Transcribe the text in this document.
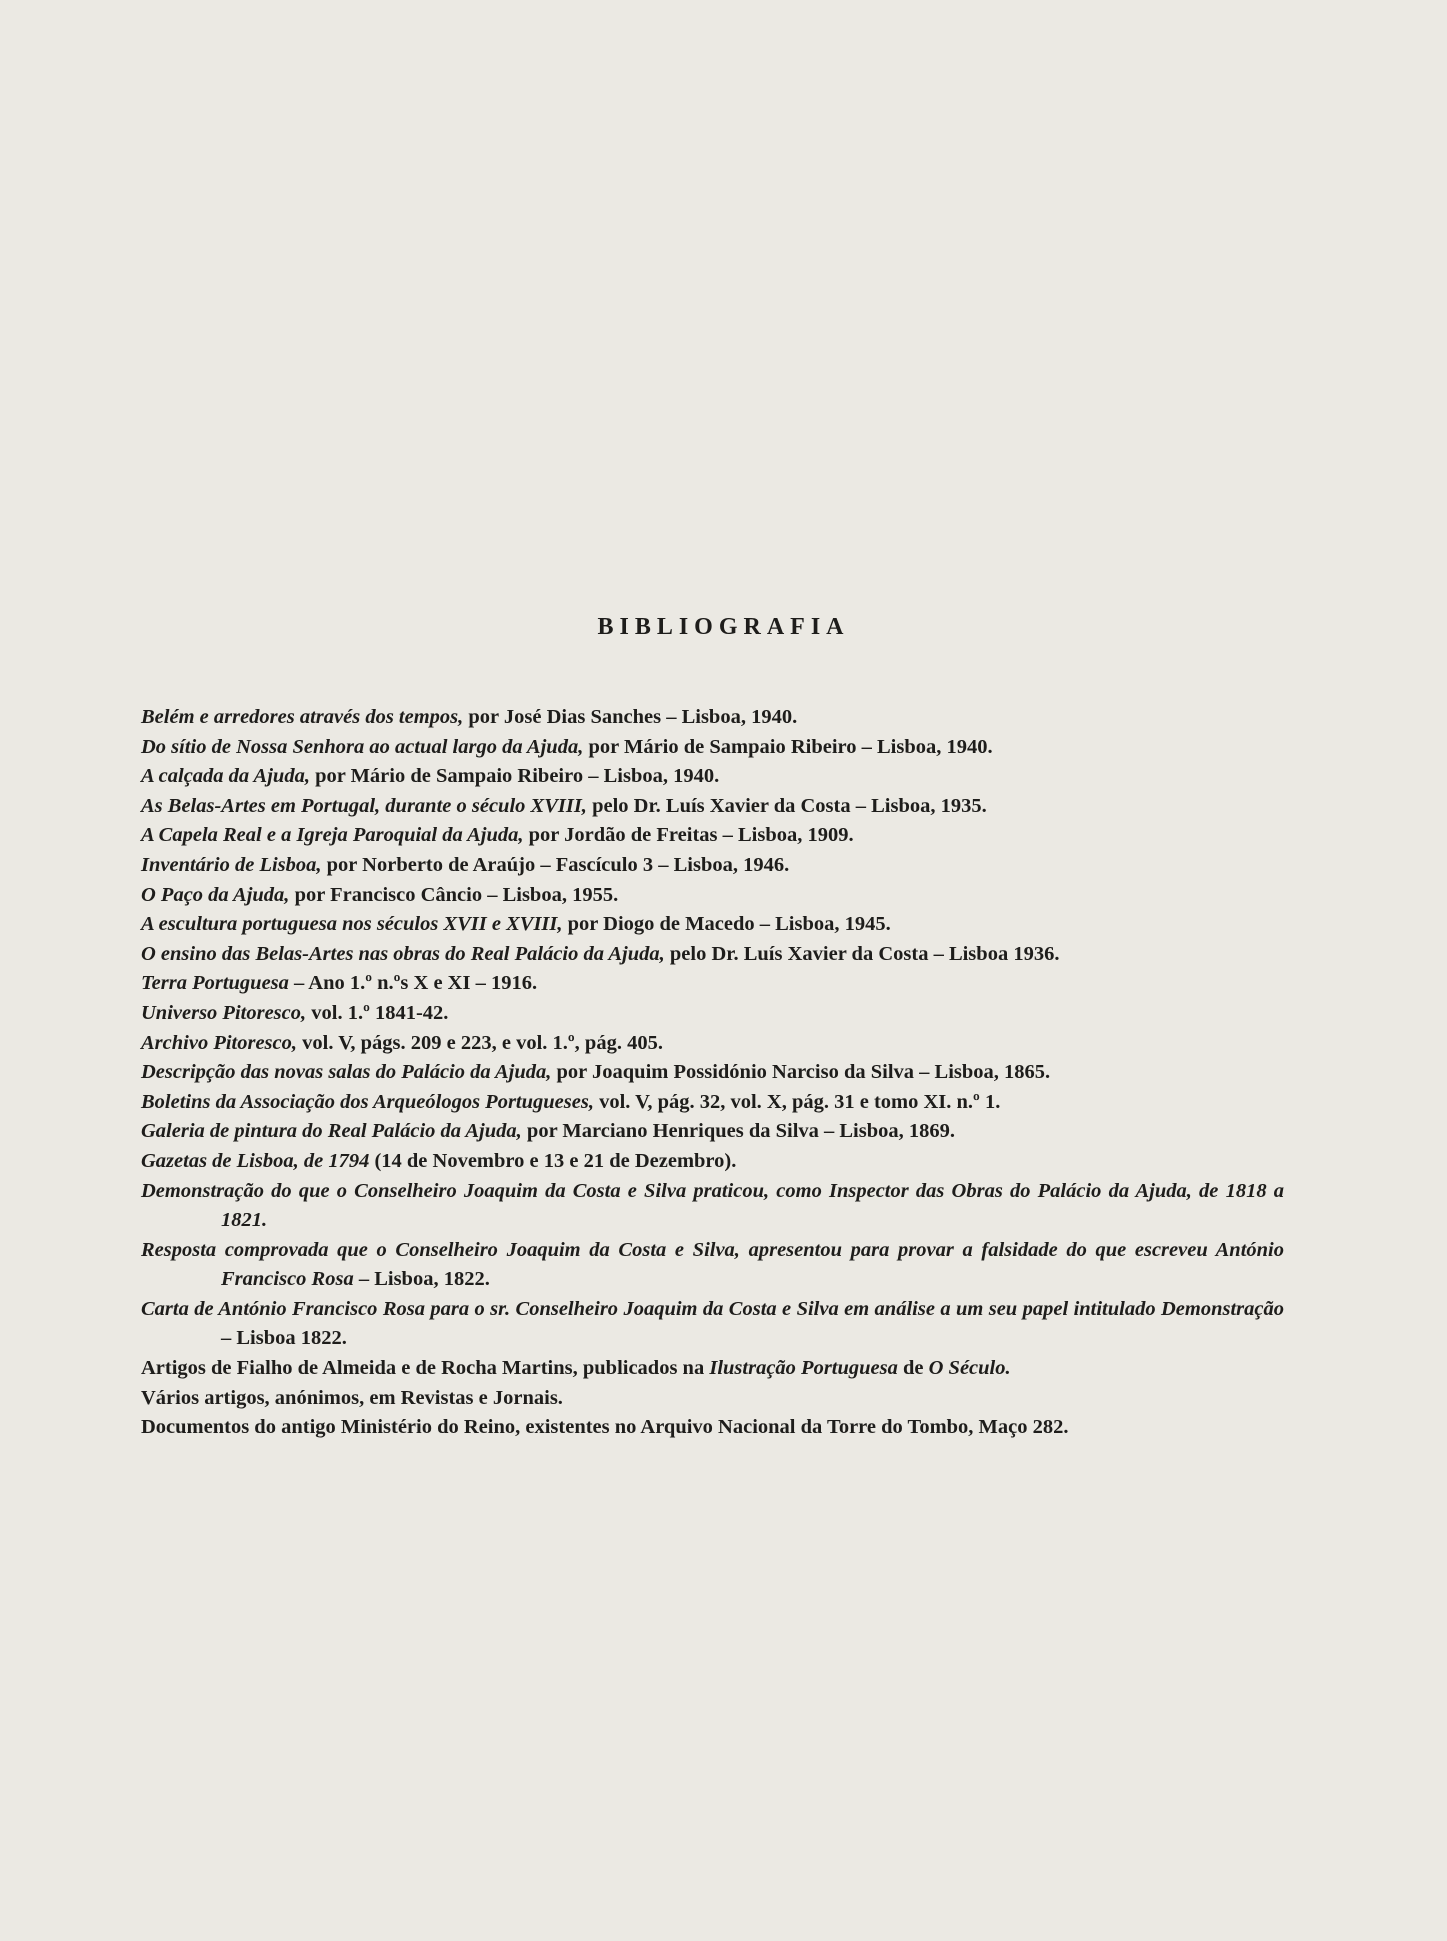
BIBLIOGRAFIA
Belém e arredores através dos tempos, por José Dias Sanches – Lisboa, 1940.
Do sítio de Nossa Senhora ao actual largo da Ajuda, por Mário de Sampaio Ribeiro – Lisboa, 1940.
A calçada da Ajuda, por Mário de Sampaio Ribeiro – Lisboa, 1940.
As Belas-Artes em Portugal, durante o século XVIII, pelo Dr. Luís Xavier da Costa – Lisboa, 1935.
A Capela Real e a Igreja Paroquial da Ajuda, por Jordão de Freitas – Lisboa, 1909.
Inventário de Lisboa, por Norberto de Araújo – Fascículo 3 – Lisboa, 1946.
O Paço da Ajuda, por Francisco Câncio – Lisboa, 1955.
A escultura portuguesa nos séculos XVII e XVIII, por Diogo de Macedo – Lisboa, 1945.
O ensino das Belas-Artes nas obras do Real Palácio da Ajuda, pelo Dr. Luís Xavier da Costa – Lisboa 1936.
Terra Portuguesa – Ano 1.º n.ºs X e XI – 1916.
Universo Pitoresco, vol. 1.º 1841-42.
Archivo Pitoresco, vol. V, págs. 209 e 223, e vol. 1.º, pág. 405.
Descripção das novas salas do Palácio da Ajuda, por Joaquim Possidónio Narciso da Silva – Lisboa, 1865.
Boletins da Associação dos Arqueólogos Portugueses, vol. V, pág. 32, vol. X, pág. 31 e tomo XI. n.º 1.
Galeria de pintura do Real Palácio da Ajuda, por Marciano Henriques da Silva – Lisboa, 1869.
Gazetas de Lisboa, de 1794 (14 de Novembro e 13 e 21 de Dezembro).
Demonstração do que o Conselheiro Joaquim da Costa e Silva praticou, como Inspector das Obras do Palácio da Ajuda, de 1818 a 1821.
Resposta comprovada que o Conselheiro Joaquim da Costa e Silva, apresentou para provar a falsidade do que escreveu António Francisco Rosa – Lisboa, 1822.
Carta de António Francisco Rosa para o sr. Conselheiro Joaquim da Costa e Silva em análise a um seu papel intitulado Demonstração – Lisboa 1822.
Artigos de Fialho de Almeida e de Rocha Martins, publicados na Ilustração Portuguesa de O Século.
Vários artigos, anónimos, em Revistas e Jornais.
Documentos do antigo Ministério do Reino, existentes no Arquivo Nacional da Torre do Tombo, Maço 282.
